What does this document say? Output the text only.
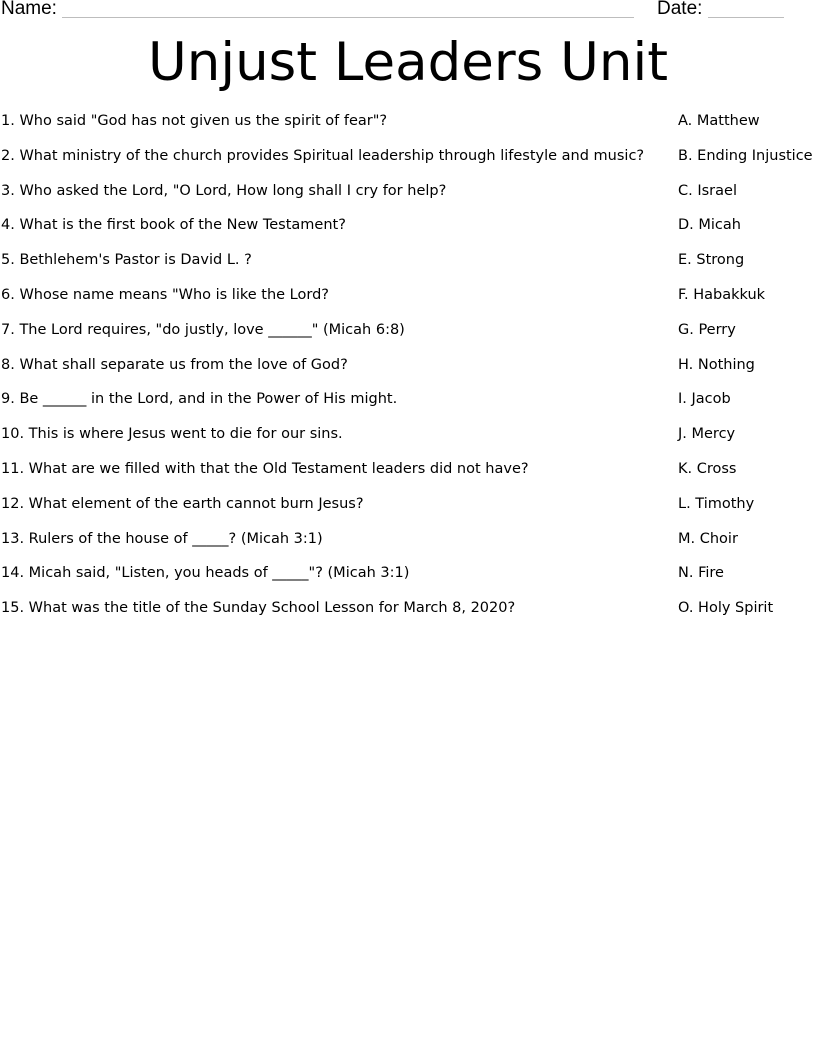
Name:	Date:
Unjust Leaders Unit
1. Who said "God has not given us the spirit of fear"?
2. What ministry of the church provides Spiritual leadership through lifestyle and music?
3. Who asked the Lord, "O Lord, How long shall I cry for help?
4. What is the first book of the New Testament?
5. Bethlehem's Pastor is David L. ?
6. Whose name means "Who is like the Lord?
7. The Lord requires, "do justly, love ______" (Micah 6:8)
8. What shall separate us from the love of God?
9. Be ______ in the Lord, and in the Power of His might.
10. This is where Jesus went to die for our sins.
11. What are we filled with that the Old Testament leaders did not have?
12. What element of the earth cannot burn Jesus?
13. Rulers of the house of _____? (Micah 3:1)
14. Micah said, "Listen, you heads of _____"? (Micah 3:1)
15. What was the title of the Sunday School Lesson for March 8, 2020?
A. Matthew
B. Ending Injustice
C. Israel
D. Micah
E. Strong
F. Habakkuk
G. Perry
H. Nothing
I. Jacob
J. Mercy
K. Cross
L. Timothy
M. Choir
N. Fire
O. Holy Spirit
